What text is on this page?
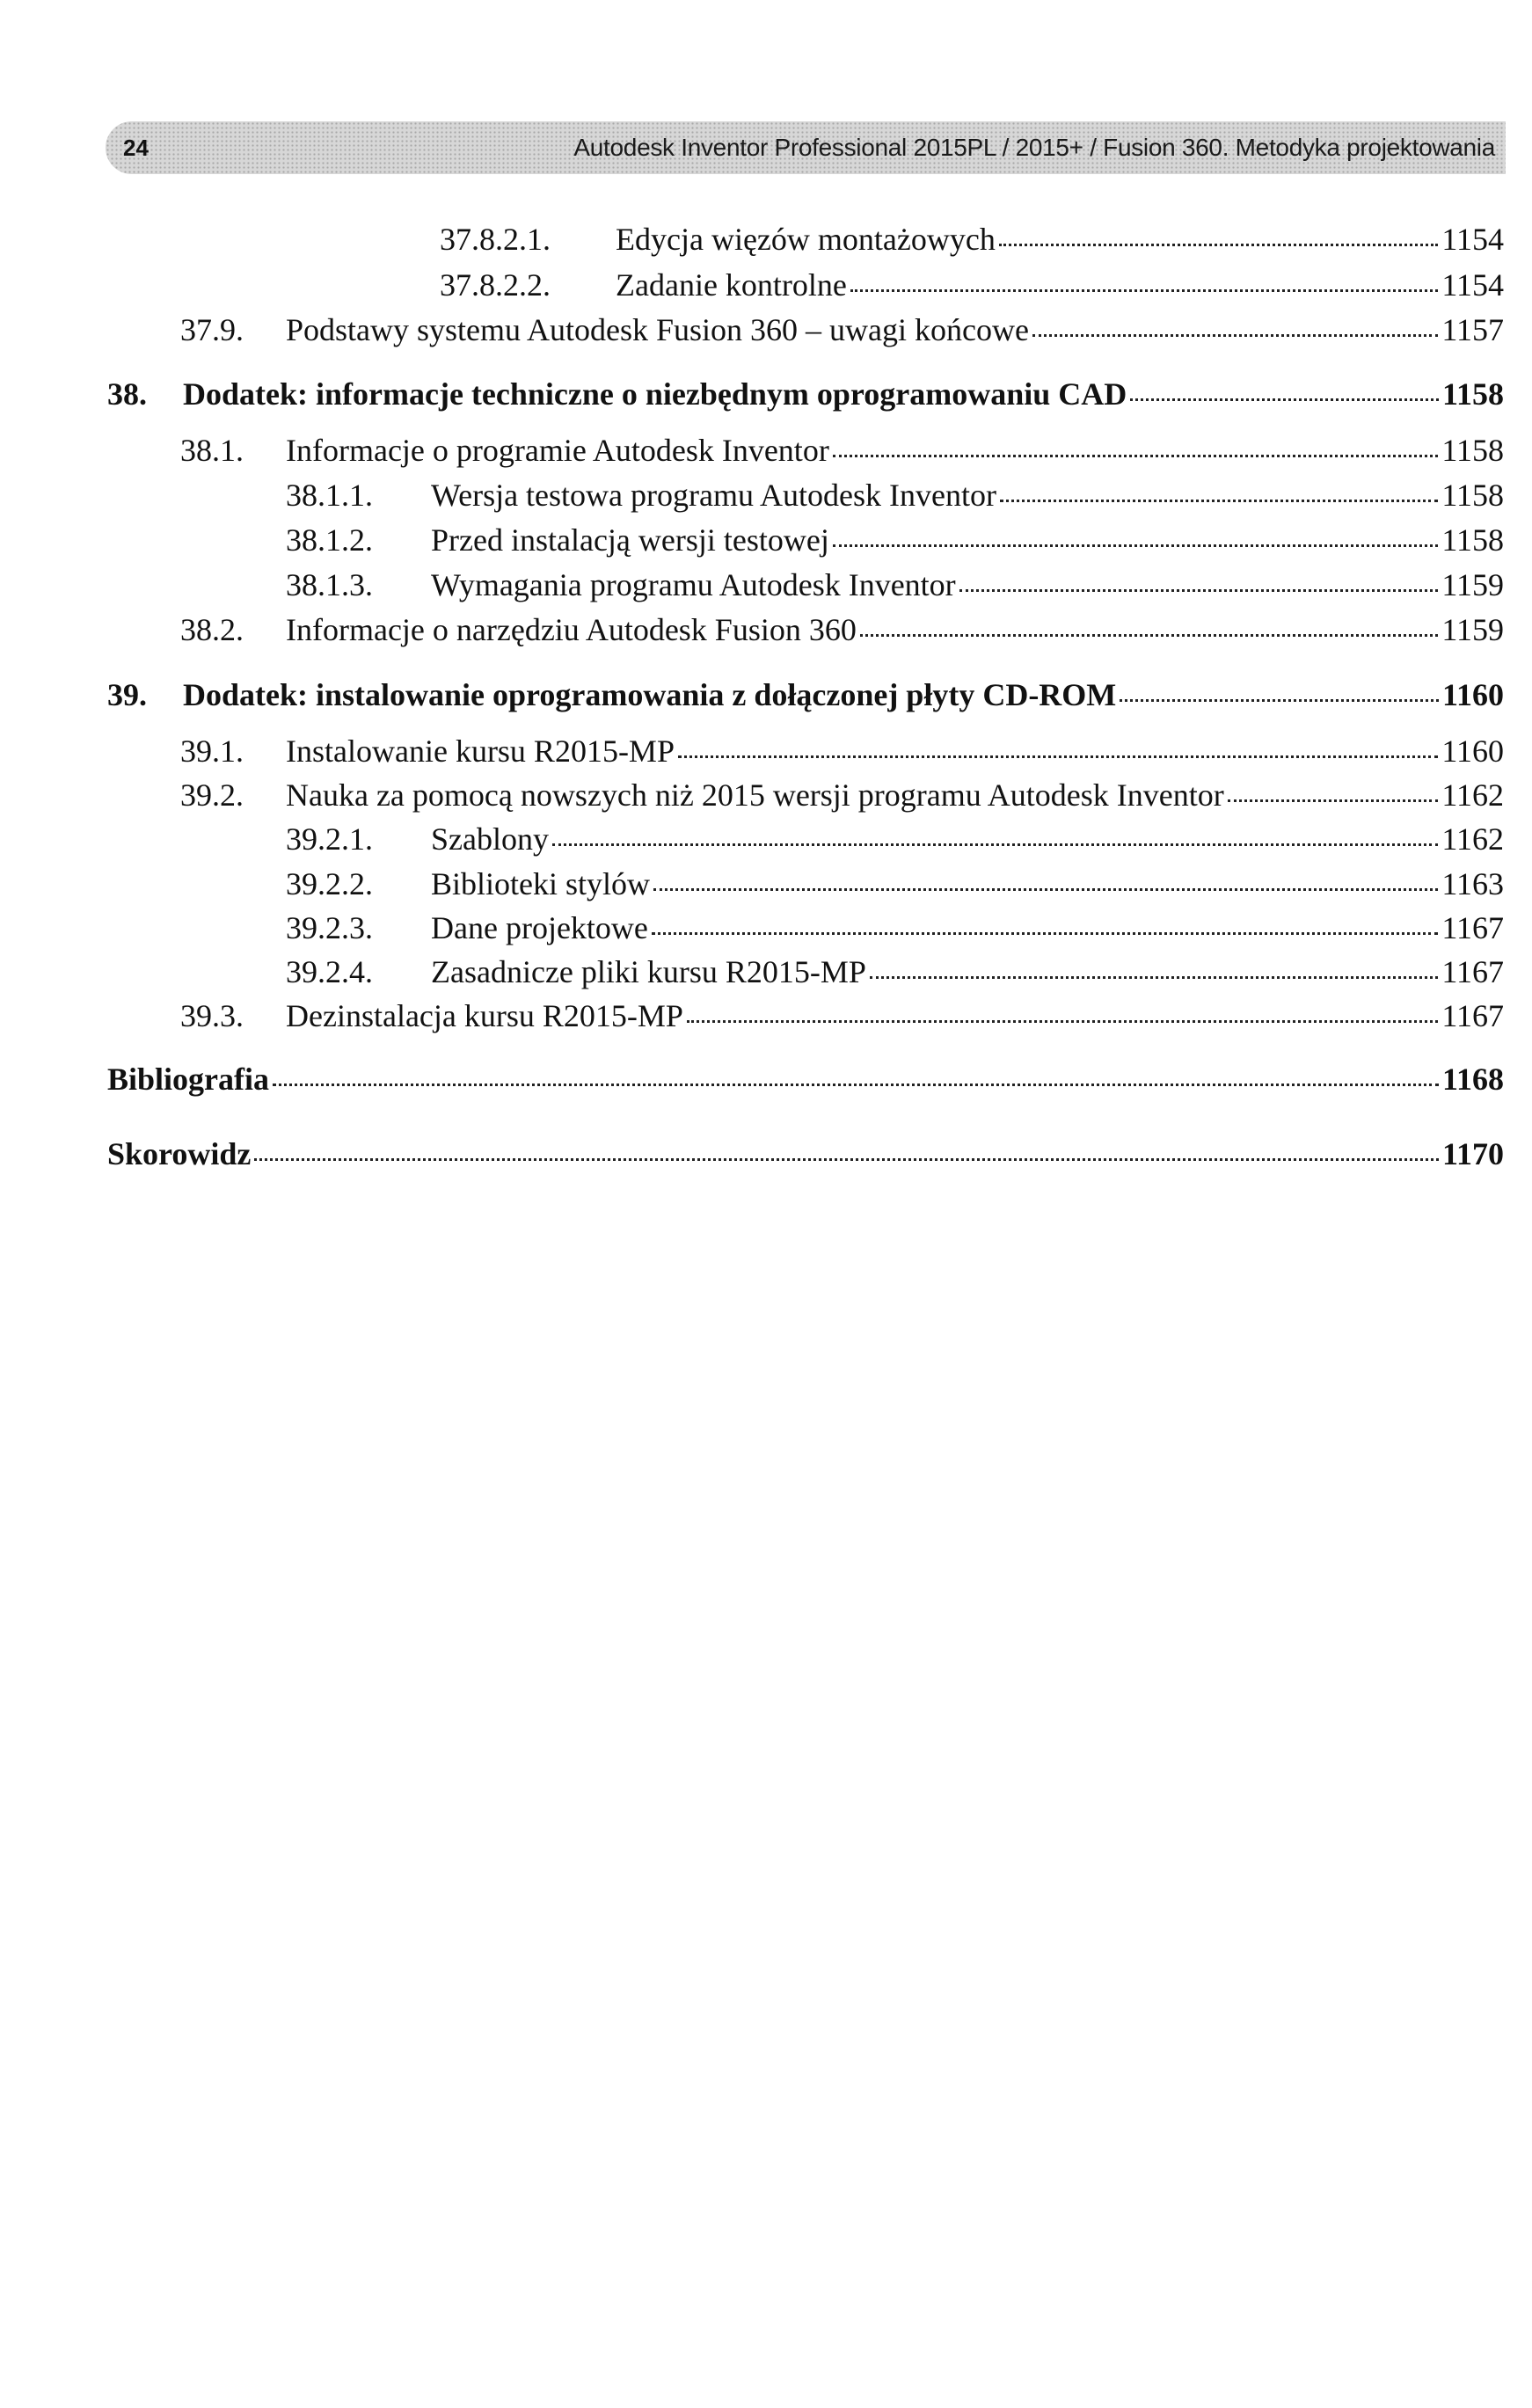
24	Autodesk Inventor Professional 2015PL / 2015+ / Fusion 360. Metodyka projektowania
37.8.2.1.	Edycja więzów montażowych	1154
37.8.2.2.	Zadanie kontrolne	1154
37.9.	Podstawy systemu Autodesk Fusion 360 – uwagi końcowe	1157
38.	Dodatek: informacje techniczne o niezbędnym oprogramowaniu CAD	1158
38.1.	Informacje o programie Autodesk Inventor	1158
38.1.1.	Wersja testowa programu Autodesk Inventor	1158
38.1.2.	Przed instalacją wersji testowej	1158
38.1.3.	Wymagania programu Autodesk Inventor	1159
38.2.	Informacje o narzędziu Autodesk Fusion 360	1159
39.	Dodatek: instalowanie oprogramowania z dołączonej płyty CD-ROM	1160
39.1.	Instalowanie kursu R2015-MP	1160
39.2.	Nauka za pomocą nowszych niż 2015 wersji programu Autodesk Inventor	1162
39.2.1.	Szablony	1162
39.2.2.	Biblioteki stylów	1163
39.2.3.	Dane projektowe	1167
39.2.4.	Zasadnicze pliki kursu R2015-MP	1167
39.3.	Dezinstalacja kursu R2015-MP	1167
Bibliografia	1168
Skorowidz	1170
